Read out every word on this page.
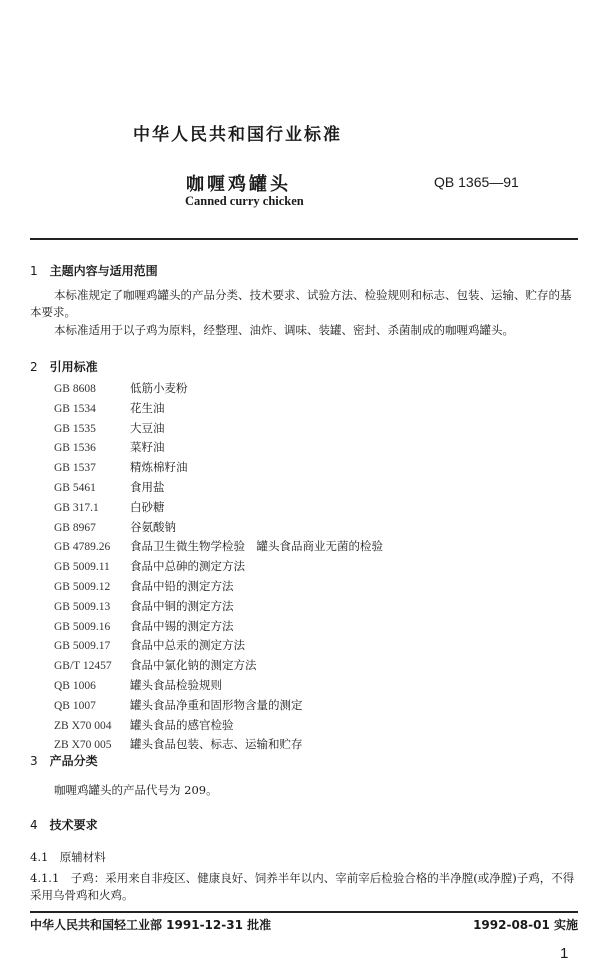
中华人民共和国行业标准
咖喱鸡罐头	QB 1365—91
Canned curry chicken
1 主题内容与适用范围
本标准规定了咖喱鸡罐头的产品分类、技术要求、试验方法、检验规则和标志、包装、运输、贮存的基本要求。
本标准适用于以子鸡为原料，经整理、油炸、调味、装罐、密封、杀菌制成的咖喱鸡罐头。
2 引用标准
GB 8608	低筋小麦粉
GB 1534	花生油
GB 1535	大豆油
GB 1536	菜籽油
GB 1537	精炼棉籽油
GB 5461	食用盐
GB 317.1	白砂糖
GB 8967	谷氨酸钠
GB 4789.26 食品卫生微生物学检验　罐头食品商业无菌的检验
GB 5009.11 食品中总砷的测定方法
GB 5009.12 食品中铅的测定方法
GB 5009.13 食品中铜的测定方法
GB 5009.16 食品中锡的测定方法
GB 5009.17 食品中总汞的测定方法
GB/T 12457 食品中氯化钠的测定方法
QB 1006	罐头食品检验规则
QB 1007	罐头食品净重和固形物含量的测定
ZB X70 004 罐头食品的感官检验
ZB X70 005 罐头食品包装、标志、运输和贮存
3 产品分类
咖喱鸡罐头的产品代号为 209。
4 技术要求
4.1　原辅材料
4.1.1　子鸡：采用来自非疫区、健康良好、饲养半年以内、宰前宰后检验合格的半净膛(或净膛)子鸡，不得采用乌骨鸡和火鸡。
中华人民共和国轻工业部 1991-12-31 批准	1992-08-01 实施
1
